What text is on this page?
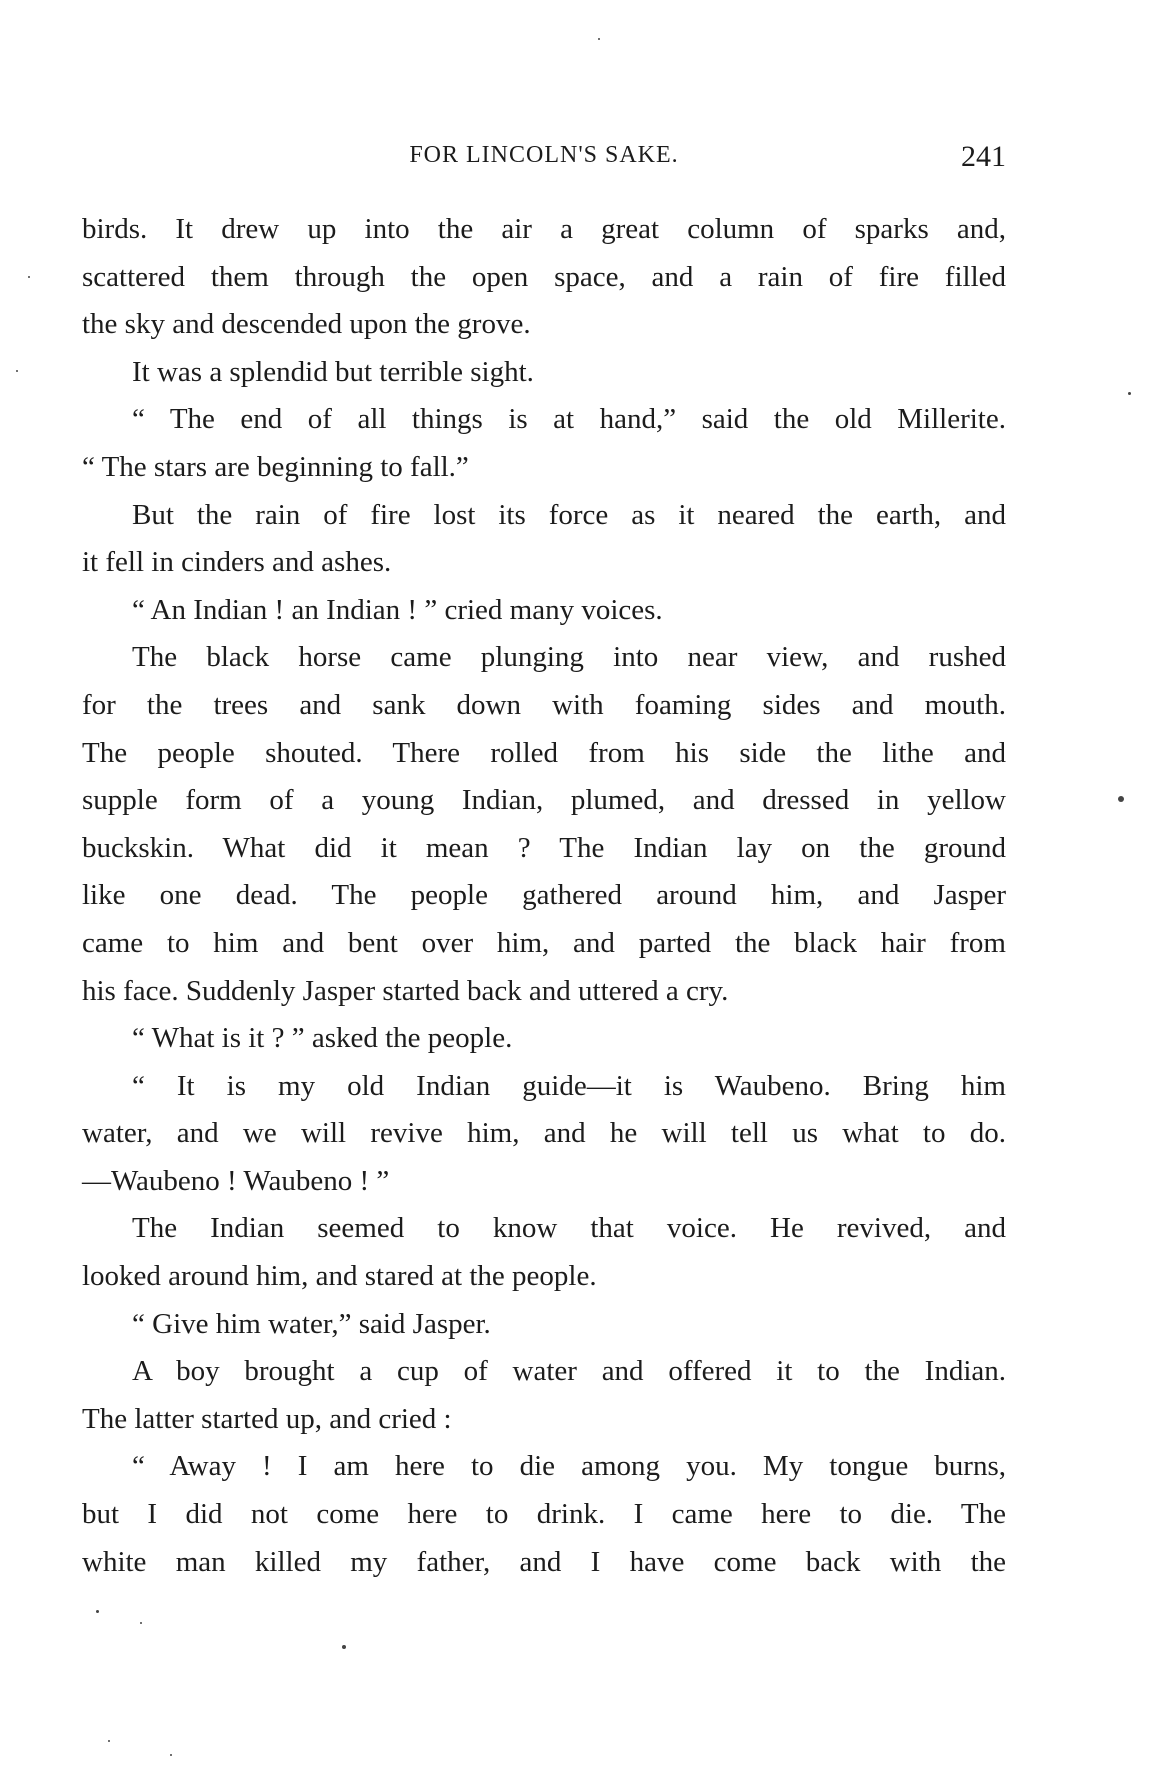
FOR LINCOLN'S SAKE.	241
birds. It drew up into the air a great column of sparks and,
scattered them through the open space, and a rain of fire filled
the sky and descended upon the grove.
It was a splendid but terrible sight.
“ The end of all things is at hand,” said the old Millerite.
“ The stars are beginning to fall.”
But the rain of fire lost its force as it neared the earth, and
it fell in cinders and ashes.
“ An Indian ! an Indian ! ” cried many voices.
The black horse came plunging into near view, and rushed
for the trees and sank down with foaming sides and mouth.
The people shouted. There rolled from his side the lithe and
supple form of a young Indian, plumed, and dressed in yellow
buckskin. What did it mean ? The Indian lay on the ground
like one dead. The people gathered around him, and Jasper
came to him and bent over him, and parted the black hair from
his face. Suddenly Jasper started back and uttered a cry.
“ What is it ? ” asked the people.
“ It is my old Indian guide—it is Waubeno. Bring him
water, and we will revive him, and he will tell us what to do.
—Waubeno ! Waubeno ! ”
The Indian seemed to know that voice. He revived, and
looked around him, and stared at the people.
“ Give him water,” said Jasper.
A boy brought a cup of water and offered it to the Indian.
The latter started up, and cried :
“ Away ! I am here to die among you. My tongue burns,
but I did not come here to drink. I came here to die. The
white man killed my father, and I have come back with the
